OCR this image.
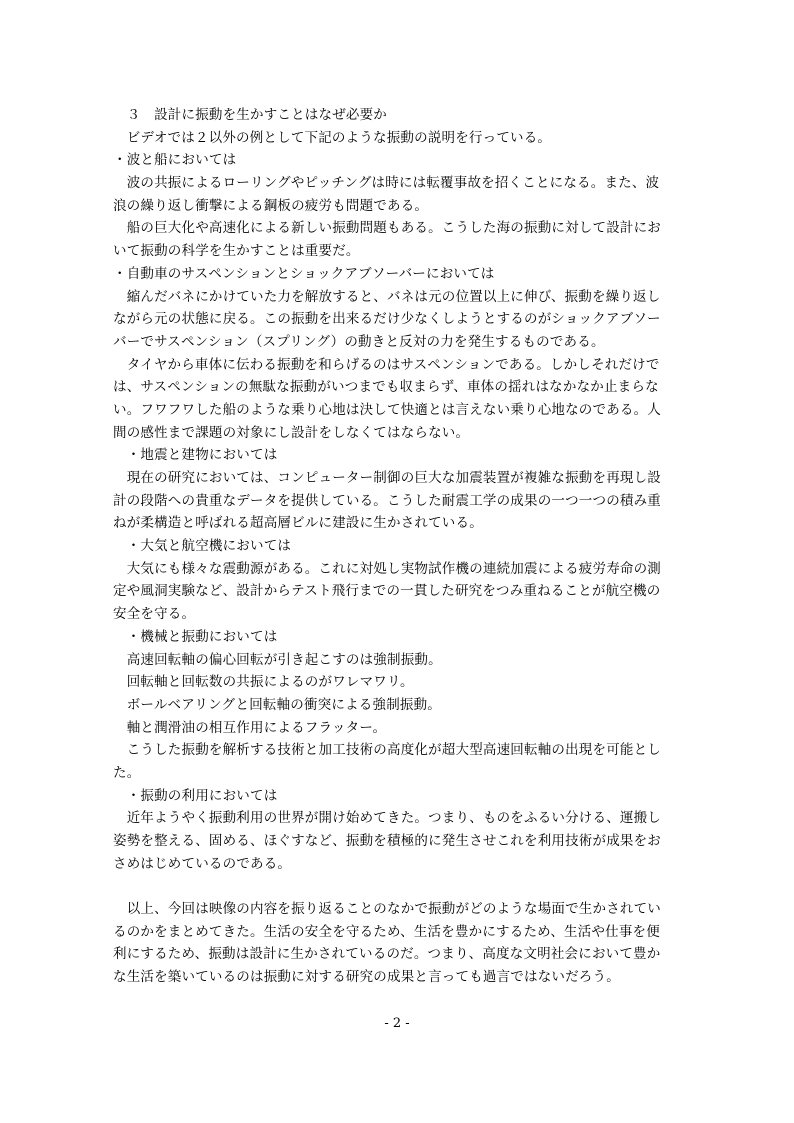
　３　設計に振動を生かすことはなぜ必要か
　ビデオでは２以外の例として下記のような振動の説明を行っている。
・波と船においては
　波の共振によるローリングやピッチングは時には転覆事故を招くことになる。また、波
浪の繰り返し衝撃による鋼板の疲労も問題である。
　船の巨大化や高速化による新しい振動問題もある。こうした海の振動に対して設計にお
いて振動の科学を生かすことは重要だ。
・自動車のサスペンションとショックアブソーバーにおいては
　縮んだバネにかけていた力を解放すると、バネは元の位置以上に伸び、振動を繰り返し
ながら元の状態に戻る。この振動を出来るだけ少なくしようとするのがショックアブソー
バーでサスペンション（スプリング）の動きと反対の力を発生するものである。
　タイヤから車体に伝わる振動を和らげるのはサスペンションである。しかしそれだけで
は、サスペンションの無駄な振動がいつまでも収まらず、車体の揺れはなかなか止まらな
い。フワフワした船のような乗り心地は決して快適とは言えない乗り心地なのである。人
間の感性まで課題の対象にし設計をしなくてはならない。
　・地震と建物においては
　現在の研究においては、コンピューター制御の巨大な加震装置が複雑な振動を再現し設
計の段階への貴重なデータを提供している。こうした耐震工学の成果の一つ一つの積み重
ねが柔構造と呼ばれる超高層ビルに建設に生かされている。
　・大気と航空機においては
　大気にも様々な震動源がある。これに対処し実物試作機の連続加震による疲労寿命の測
定や風洞実験など、設計からテスト飛行までの一貫した研究をつみ重ねることが航空機の
安全を守る。
　・機械と振動においては
　高速回転軸の偏心回転が引き起こすのは強制振動。
　回転軸と回転数の共振によるのがワレマワリ。
　ボールベアリングと回転軸の衝突による強制振動。
　軸と潤滑油の相互作用によるフラッター。
　こうした振動を解析する技術と加工技術の高度化が超大型高速回転軸の出現を可能とし
た。
　・振動の利用においては
　近年ようやく振動利用の世界が開け始めてきた。つまり、ものをふるい分ける、運搬し
姿勢を整える、固める、ほぐすなど、振動を積極的に発生させこれを利用技術が成果をお
さめはじめているのである。
　以上、今回は映像の内容を振り返ることのなかで振動がどのような場面で生かされてい
るのかをまとめてきた。生活の安全を守るため、生活を豊かにするため、生活や仕事を便
利にするため、振動は設計に生かされているのだ。つまり、高度な文明社会において豊か
な生活を築いているのは振動に対する研究の成果と言っても過言ではないだろう。
- 2 -
